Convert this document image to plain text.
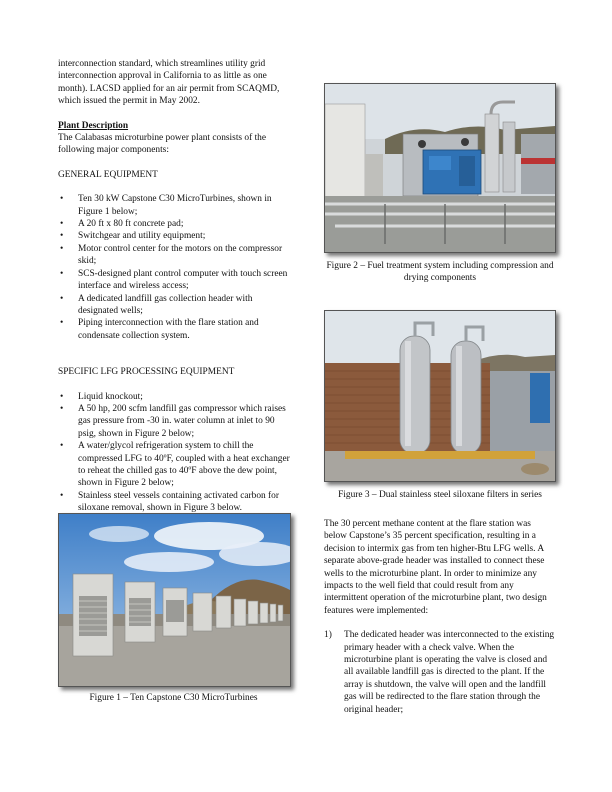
interconnection standard, which streamlines utility grid interconnection approval in California to as little as one month). LACSD applied for an air permit from SCAQMD, which issued the permit in May 2002.

Plant Description

The Calabasas microturbine power plant consists of the following major components:

GENERAL EQUIPMENT

• Ten 30 kW Capstone C30 MicroTurbines, shown in Figure 1 below;
• A 20 ft x 80 ft concrete pad;
• Switchgear and utility equipment;
• Motor control center for the motors on the compressor skid;
• SCS-designed plant control computer with touch screen interface and wireless access;
• A dedicated landfill gas collection header with designated wells;
• Piping interconnection with the flare station and condensate collection system.

SPECIFIC LFG PROCESSING EQUIPMENT

• Liquid knockout;
• A 50 hp, 200 scfm landfill gas compressor which raises gas pressure from -30 in. water column at inlet to 90 psig, shown in Figure 2 below;
• A water/glycol refrigeration system to chill the compressed LFG to 40ºF, coupled with a heat exchanger to reheat the chilled gas to 40ºF above the dew point, shown in Figure 2 below;
• Stainless steel vessels containing activated carbon for siloxane removal, shown in Figure 3 below.

Figure 1 – Ten Capstone C30 MicroTurbines

Figure 2 – Fuel treatment system including compression and drying components

Figure 3 – Dual stainless steel siloxane filters in series

The 30 percent methane content at the flare station was below Capstone’s 35 percent specification, resulting in a decision to intermix gas from ten higher-Btu LFG wells. A separate above-grade header was installed to connect these wells to the microturbine plant. In order to minimize any impacts to the well field that could result from any intermittent operation of the microturbine plant, two design features were implemented:

1) The dedicated header was interconnected to the existing primary header with a check valve. When the microturbine plant is operating the valve is closed and all available landfill gas is directed to the plant. If the array is shutdown, the valve will open and the landfill gas will be redirected to the flare station through the original header;
